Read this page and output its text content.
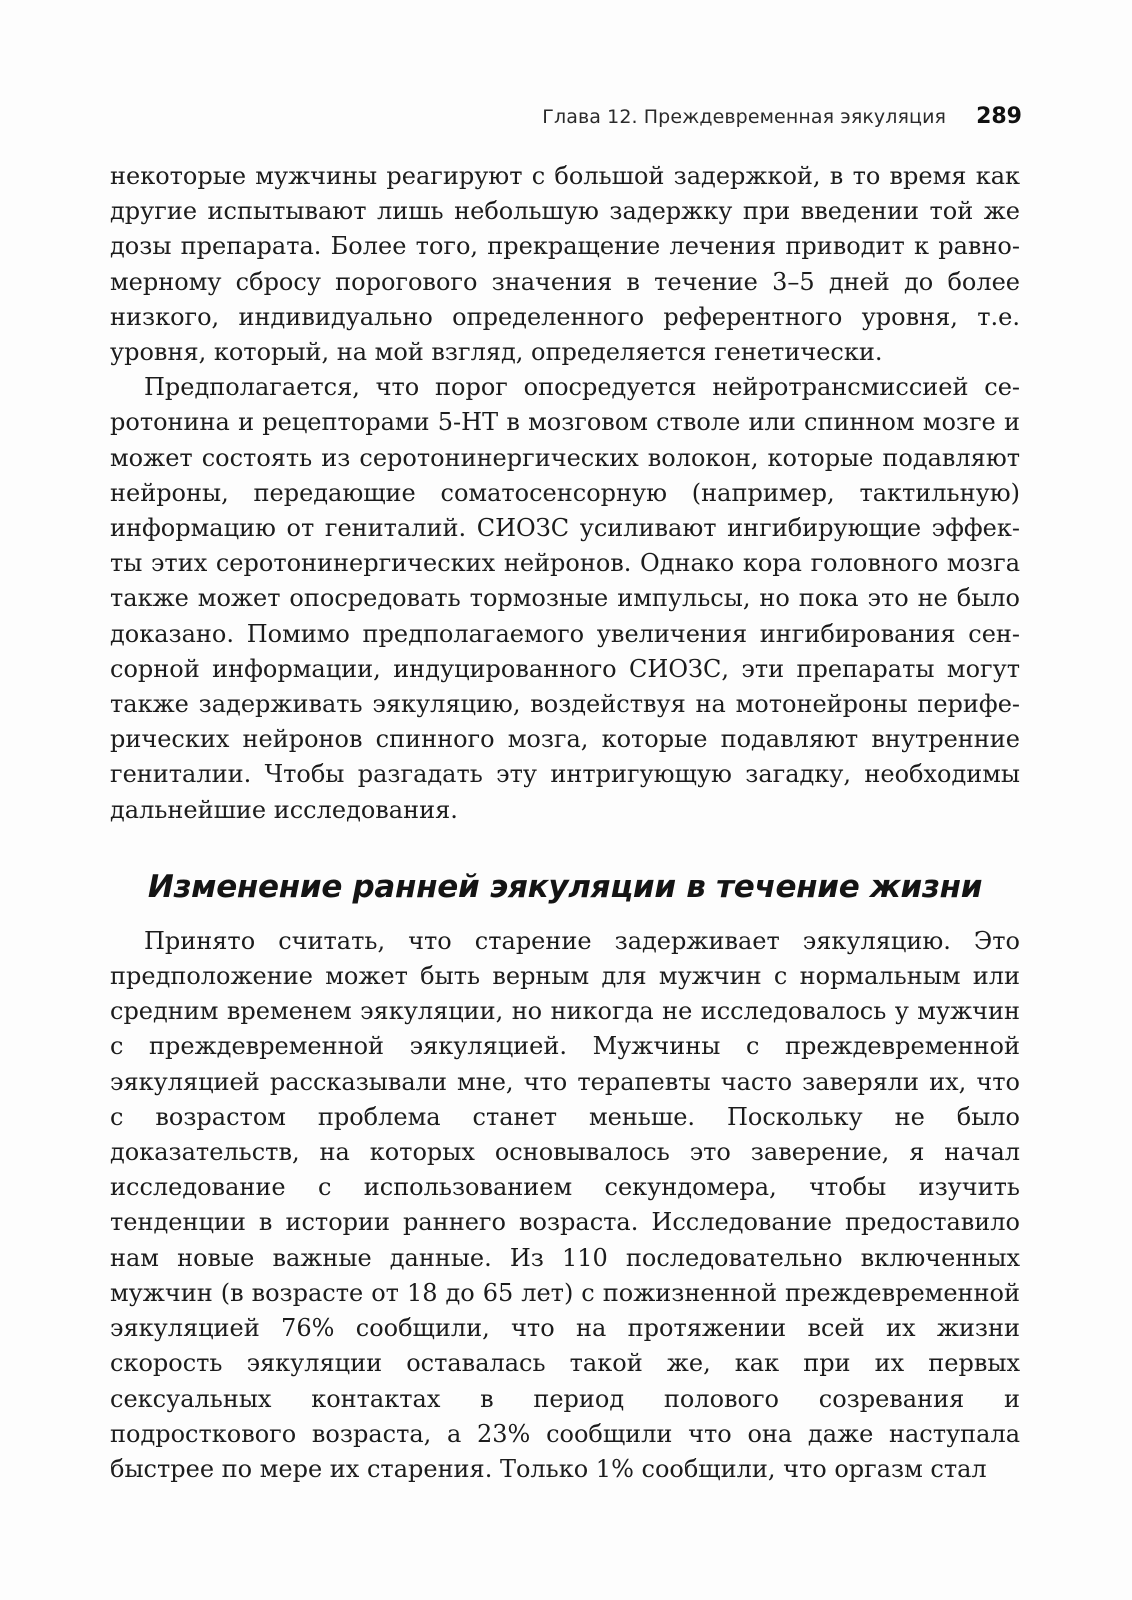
Глава 12. Преждевременная эякуляция 289

некоторые мужчины реагируют с большой задержкой, в то время как другие испытывают лишь небольшую задержку при введении той же дозы препарата. Более того, прекращение лечения приводит к равномерному сбросу порогового значения в течение 3–5 дней до более низкого, индивидуально определенного референтного уровня, т.е. уровня, который, на мой взгляд, определяется генетически.

Предполагается, что порог опосредуется нейротрансмиссией серотонина и рецепторами 5-НТ в мозговом стволе или спинном мозге и может состоять из серотонинергических волокон, которые подавляют нейроны, передающие соматосенсорную (например, тактильную) информацию от гениталий. СИОЗС усиливают ингибирующие эффекты этих серотонинергических нейронов. Однако кора головного мозга также может опосредовать тормозные импульсы, но пока это не было доказано. Помимо предполагаемого увеличения ингибирования сенсорной информации, индуцированного СИОЗС, эти препараты могут также задерживать эякуляцию, воздействуя на мотонейроны периферических нейронов спинного мозга, которые подавляют внутренние гениталии. Чтобы разгадать эту интригующую загадку, необходимы дальнейшие исследования.

Изменение ранней эякуляции в течение жизни

Принято считать, что старение задерживает эякуляцию. Это предположение может быть верным для мужчин с нормальным или средним временем эякуляции, но никогда не исследовалось у мужчин с преждевременной эякуляцией. Мужчины с преждевременной эякуляцией рассказывали мне, что терапевты часто заверяли их, что с возрастом проблема станет меньше. Поскольку не было доказательств, на которых основывалось это заверение, я начал исследование с использованием секундомера, чтобы изучить тенденции в истории раннего возраста. Исследование предоставило нам новые важные данные. Из 110 последовательно включенных мужчин (в возрасте от 18 до 65 лет) с пожизненной преждевременной эякуляцией 76% сообщили, что на протяжении всей их жизни скорость эякуляции оставалась такой же, как при их первых сексуальных контактах в период полового созревания и подросткового возраста, а 23% сообщили что она даже наступала быстрее по мере их старения. Только 1% сообщили, что оргазм стал
